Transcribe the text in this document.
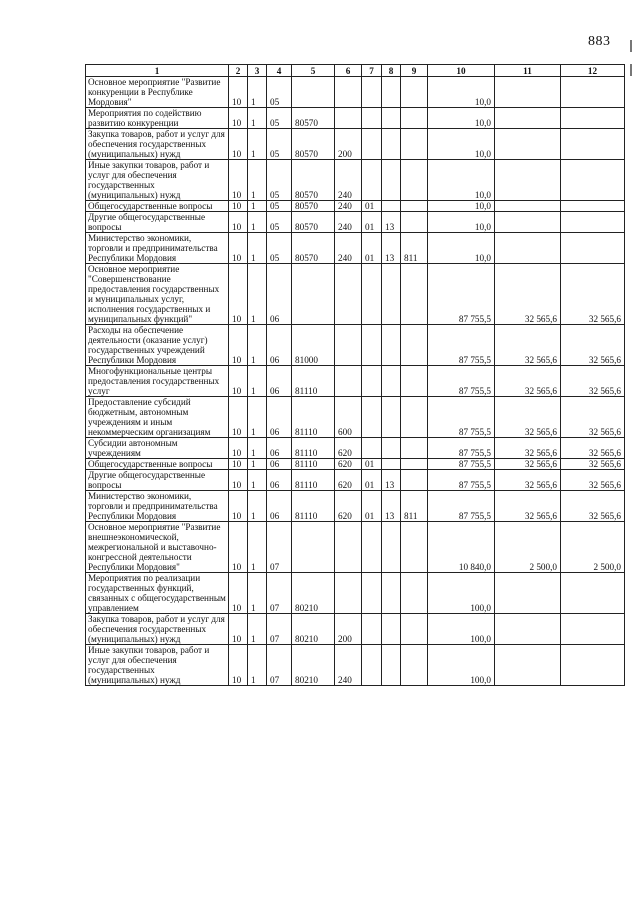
883
1	2	3	4	5	6	7	8	9	10	11	12
Основное мероприятие "Развитие конкуренции в Республике Мордовия"	10	1	05						10,0		
Мероприятия по содействию развитию конкуренции	10	1	05	80570					10,0		
Закупка товаров, работ и услуг для обеспечения государственных (муниципальных) нужд	10	1	05	80570	200				10,0		
Иные закупки товаров, работ и услуг для обеспечения государственных (муниципальных) нужд	10	1	05	80570	240				10,0		
Общегосударственные вопросы	10	1	05	80570	240	01			10,0		
Другие общегосударственные вопросы	10	1	05	80570	240	01	13		10,0		
Министерство экономики, торговли и предпринимательства Республики Мордовия	10	1	05	80570	240	01	13	811	10,0		
Основное мероприятие "Совершенствование предоставления государственных и муниципальных услуг, исполнения государственных и муниципальных функций"	10	1	06						87 755,5	32 565,6	32 565,6
Расходы на обеспечение деятельности (оказание услуг) государственных учреждений Республики Мордовия	10	1	06	81000					87 755,5	32 565,6	32 565,6
Многофункциональные центры предоставления государственных услуг	10	1	06	81110					87 755,5	32 565,6	32 565,6
Предоставление субсидий бюджетным, автономным учреждениям и иным некоммерческим организациям	10	1	06	81110	600				87 755,5	32 565,6	32 565,6
Субсидии автономным учреждениям	10	1	06	81110	620				87 755,5	32 565,6	32 565,6
Общегосударственные вопросы	10	1	06	81110	620	01			87 755,5	32 565,6	32 565,6
Другие общегосударственные вопросы	10	1	06	81110	620	01	13		87 755,5	32 565,6	32 565,6
Министерство экономики, торговли и предпринимательства Республики Мордовия	10	1	06	81110	620	01	13	811	87 755,5	32 565,6	32 565,6
Основное мероприятие "Развитие внешнеэкономической, межрегиональной и выставочно-конгрессной деятельности Республики Мордовия"	10	1	07						10 840,0	2 500,0	2 500,0
Мероприятия по реализации государственных функций, связанных с общегосударственным управлением	10	1	07	80210					100,0		
Закупка товаров, работ и услуг для обеспечения государственных (муниципальных) нужд	10	1	07	80210	200				100,0		
Иные закупки товаров, работ и услуг для обеспечения государственных (муниципальных) нужд	10	1	07	80210	240				100,0		
